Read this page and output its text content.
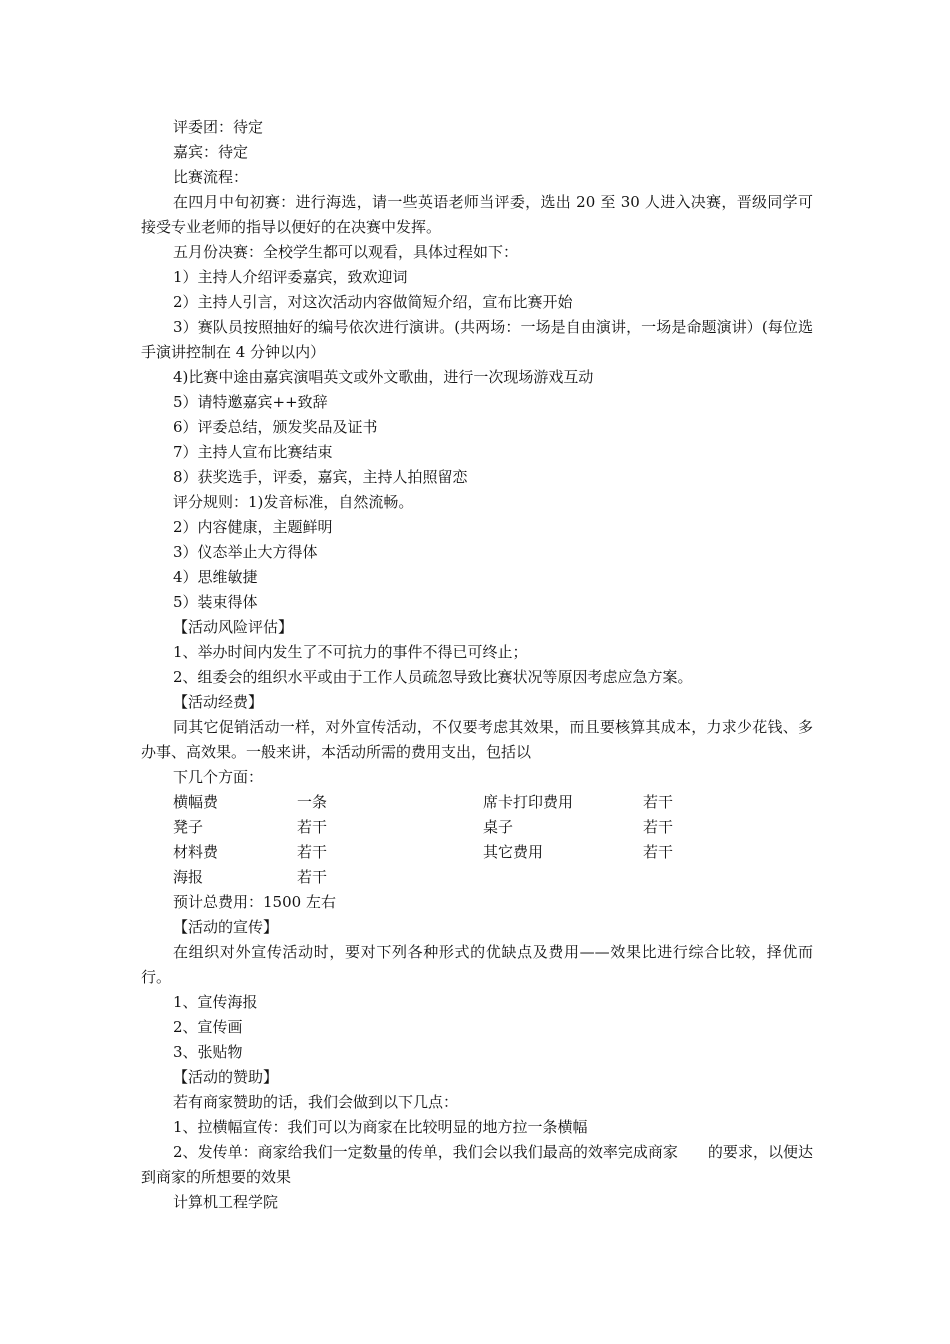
评委团：待定

嘉宾：待定

比赛流程：

在四月中旬初赛：进行海选，请一些英语老师当评委，选出 20 至 30 人进入决赛，晋级同学可接受专业老师的指导以便好的在决赛中发挥。

五月份决赛：全校学生都可以观看，具体过程如下：

1）主持人介绍评委嘉宾，致欢迎词

2）主持人引言，对这次活动内容做简短介绍，宣布比赛开始

3）赛队员按照抽好的编号依次进行演讲。(共两场：一场是自由演讲，一场是命题演讲）(每位选手演讲控制在 4 分钟以内）

4)比赛中途由嘉宾演唱英文或外文歌曲，进行一次现场游戏互动

5）请特邀嘉宾++致辞

6）评委总结，颁发奖品及证书

7）主持人宣布比赛结束

8）获奖选手，评委，嘉宾，主持人拍照留恋

评分规则：1)发音标准，自然流畅。

2）内容健康，主题鲜明

3）仪态举止大方得体

4）思维敏捷

5）装束得体

【活动风险评估】

1、举办时间内发生了不可抗力的事件不得已可终止；

2、组委会的组织水平或由于工作人员疏忽导致比赛状况等原因考虑应急方案。

【活动经费】

同其它促销活动一样，对外宣传活动，不仅要考虑其效果，而且要核算其成本，力求少花钱、多办事、高效果。一般来讲，本活动所需的费用支出，包括以

下几个方面：

横幅费	一条	席卡打印费用	若干
凳子	若干	桌子	若干
材料费	若干	其它费用	若干
海报	若干

预计总费用：1500 左右

【活动的宣传】

在组织对外宣传活动时，要对下列各种形式的优缺点及费用——效果比进行综合比较，择优而行。

1、宣传海报

2、宣传画

3、张贴物

【活动的赞助】

若有商家赞助的话，我们会做到以下几点：

1、拉横幅宣传：我们可以为商家在比较明显的地方拉一条横幅

2、发传单：商家给我们一定数量的传单，我们会以我们最高的效率完成商家　　的要求，以便达到商家的所想要的效果

计算机工程学院
